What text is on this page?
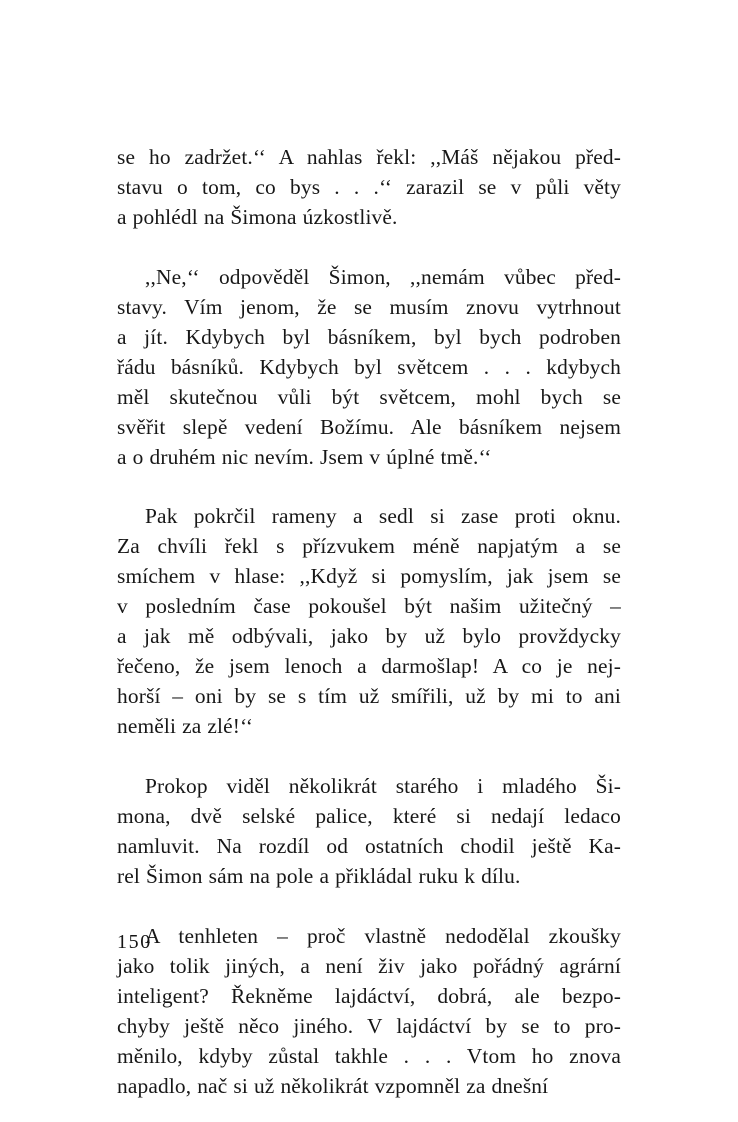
se ho zadržet.‘‘ A nahlas řekl: ,,Máš nějakou před-
stavu o tom, co bys . . .‘‘ zarazil se v půli věty
a pohlédl na Šimona úzkostlivě.

,,Ne,‘‘ odpověděl Šimon, ,,nemám vůbec před-
stavy. Vím jenom, že se musím znovu vytrhnout
a jít. Kdybych byl básníkem, byl bych podroben
řádu básníků. Kdybych byl světcem . . . kdybych
měl skutečnou vůli být světcem, mohl bych se
svěřit slepě vedení Božímu. Ale básníkem nejsem
a o druhém nic nevím. Jsem v úplné tmě.‘‘

Pak pokrčil rameny a sedl si zase proti oknu.
Za chvíli řekl s přízvukem méně napjatým a se
smíchem v hlase: ,,Když si pomyslím, jak jsem se
v posledním čase pokoušel být našim užitečný –
a jak mě odbývali, jako by už bylo provždycky
řečeno, že jsem lenoch a darmošlap! A co je nej-
horší – oni by se s tím už smířili, už by mi to ani
neměli za zlé!‘‘

Prokop viděl několikrát starého i mladého Ši-
mona, dvě selské palice, které si nedají ledaco
namluvit. Na rozdíl od ostatních chodil ještě Ka-
rel Šimon sám na pole a přikládal ruku k dílu.

A tenhleten – proč vlastně nedodělal zkoušky
jako tolik jiných, a není živ jako pořádný agrární
inteligent? Řekněme lajdáctví, dobrá, ale bezpo-
chyby ještě něco jiného. V lajdáctví by se to pro-
měnilo, kdyby zůstal takhle . . . Vtom ho znova
napadlo, nač si už několikrát vzpomněl za dnešní

150
